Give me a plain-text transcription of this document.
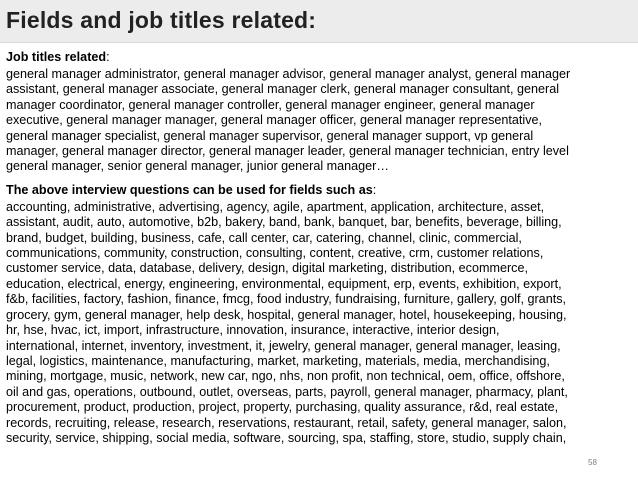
Fields and job titles related:
Job titles related:
general manager administrator, general manager advisor, general manager analyst, general manager
assistant, general manager associate, general manager clerk, general manager consultant, general
manager coordinator, general manager controller, general manager engineer, general manager
executive, general manager manager, general manager officer, general manager representative,
general manager specialist, general manager supervisor, general manager support, vp general
manager, general manager director, general manager leader, general manager technician, entry level
general manager, senior general manager, junior general manager…
The above interview questions can be used for fields such as:
accounting, administrative, advertising, agency, agile, apartment, application, architecture, asset,
assistant, audit, auto, automotive, b2b, bakery, band, bank, banquet, bar, benefits, beverage, billing,
brand, budget, building, business, cafe, call center, car, catering, channel, clinic, commercial,
communications, community, construction, consulting, content, creative, crm, customer relations,
customer service, data, database, delivery, design, digital marketing, distribution, ecommerce,
education, electrical, energy, engineering, environmental, equipment, erp, events, exhibition, export,
f&b, facilities, factory, fashion, finance, fmcg, food industry, fundraising, furniture, gallery, golf, grants,
grocery, gym, general manager, help desk, hospital, general manager, hotel, housekeeping, housing,
hr, hse, hvac, ict, import, infrastructure, innovation, insurance, interactive, interior design,
international, internet, inventory, investment, it, jewelry, general manager, general manager, leasing,
legal, logistics, maintenance, manufacturing, market, marketing, materials, media, merchandising,
mining, mortgage, music, network, new car, ngo, nhs, non profit, non technical, oem, office, offshore,
oil and gas, operations, outbound, outlet, overseas, parts, payroll, general manager, pharmacy, plant,
procurement, product, production, project, property, purchasing, quality assurance, r&d, real estate,
records, recruiting, release, research, reservations, restaurant, retail, safety, general manager, salon,
security, service, shipping, social media, software, sourcing, spa, staffing, store, studio, supply chain,
58
